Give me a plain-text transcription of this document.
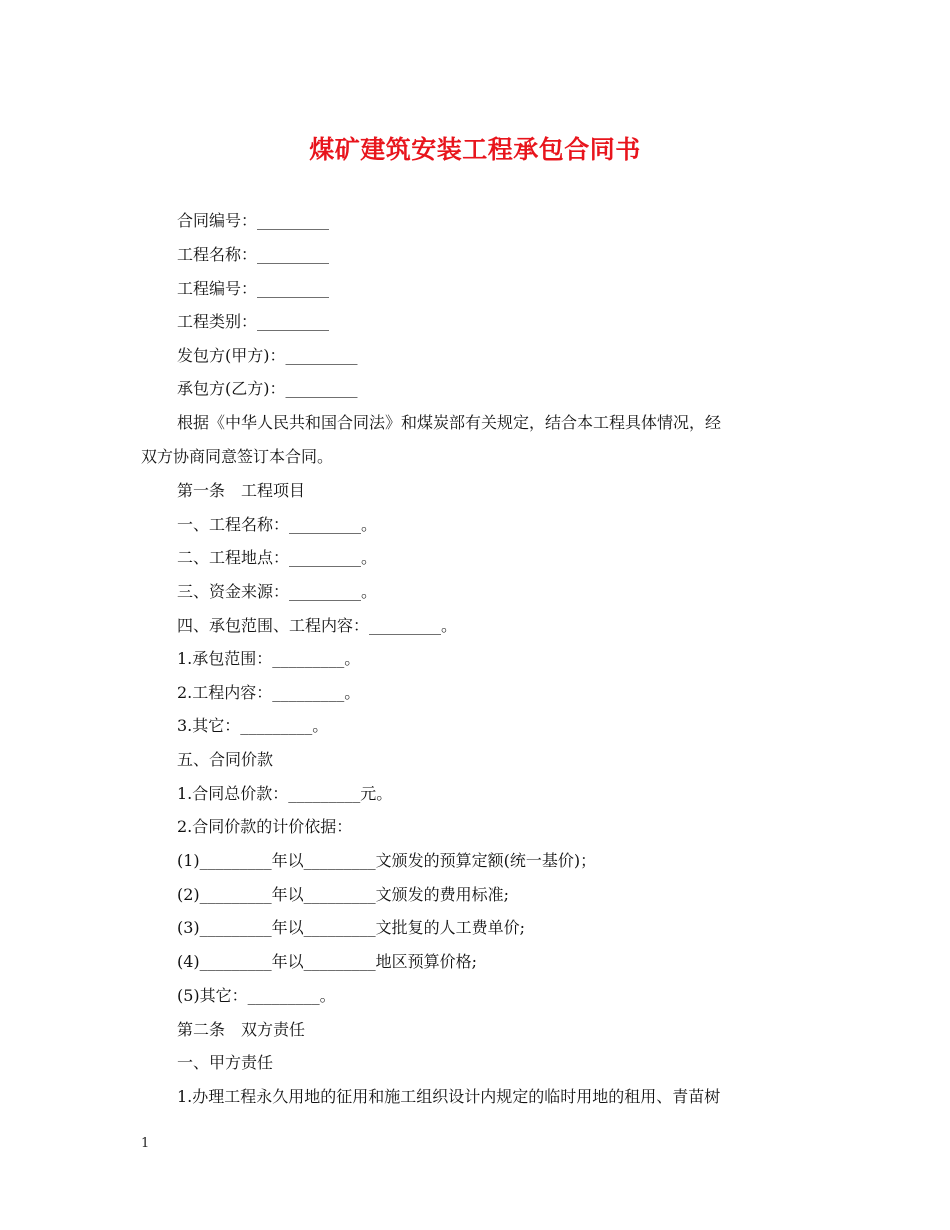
煤矿建筑安装工程承包合同书
合同编号：_________
工程名称：_________
工程编号：_________
工程类别：_________
发包方(甲方)：_________
承包方(乙方)：_________
根据《中华人民共和国合同法》和煤炭部有关规定，结合本工程具体情况，经
双方协商同意签订本合同。
第一条　工程项目
一、工程名称：_________。
二、工程地点：_________。
三、资金来源：_________。
四、承包范围、工程内容：_________。
1.承包范围：_________。
2.工程内容：_________。
3.其它：_________。
五、合同价款
1.合同总价款：_________元。
2.合同价款的计价依据：
(1)_________年以_________文颁发的预算定额(统一基价)；
(2)_________年以_________文颁发的费用标准;
(3)_________年以_________文批复的人工费单价;
(4)_________年以_________地区预算价格;
(5)其它：_________。
第二条　双方责任
一、甲方责任
1.办理工程永久用地的征用和施工组织设计内规定的临时用地的租用、青苗树
1
